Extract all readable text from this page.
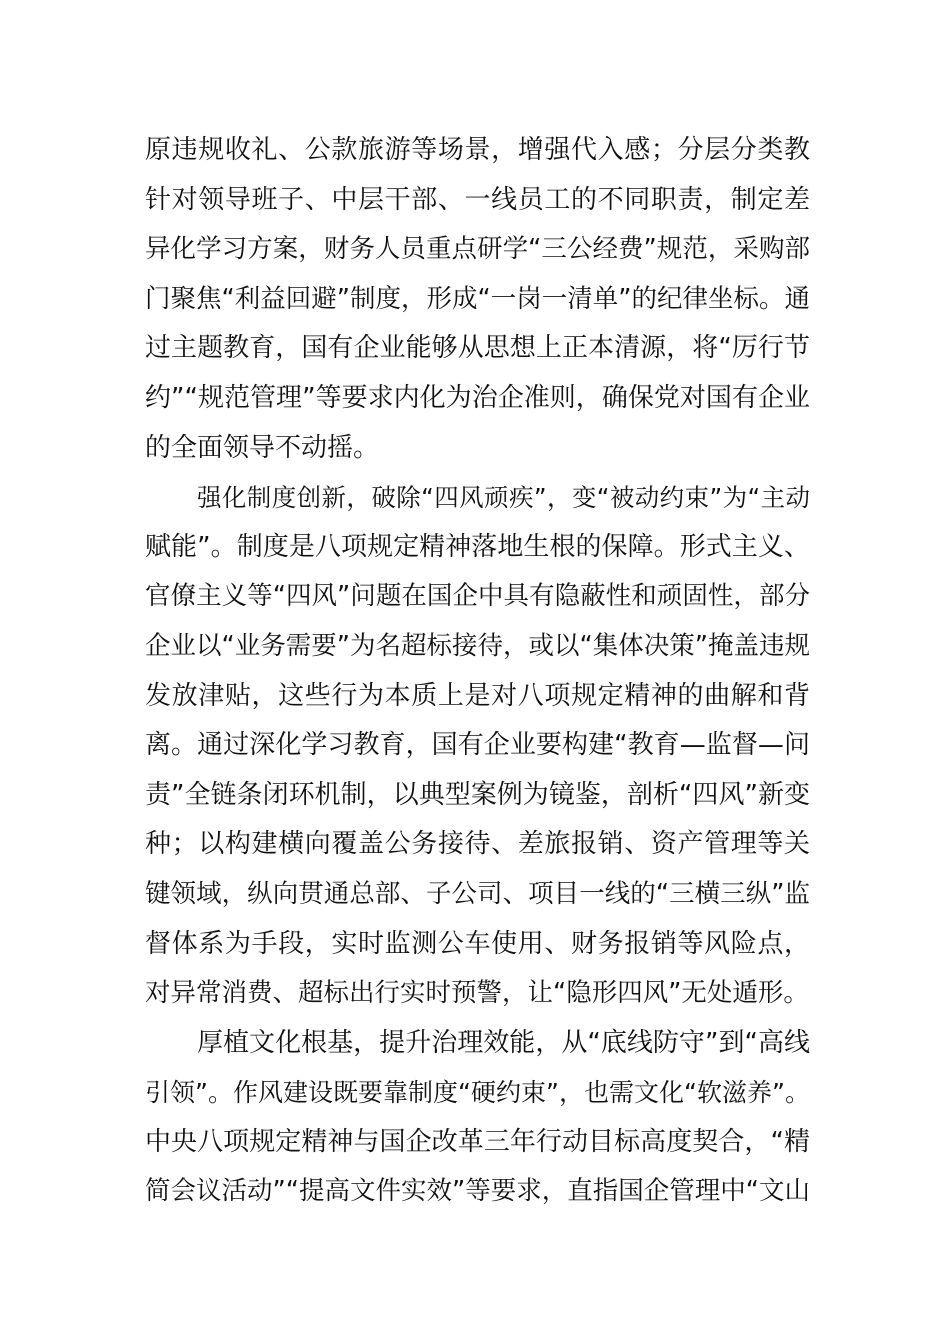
原违规收礼、公款旅游等场景，增强代入感；分层分类教
针对领导班子、中层干部、一线员工的不同职责，制定差
异化学习方案，财务人员重点研学“三公经费”规范，采购部
门聚焦“利益回避”制度，形成“一岗一清单”的纪律坐标。通
过主题教育，国有企业能够从思想上正本清源，将“厉行节
约”“规范管理”等要求内化为治企准则，确保党对国有企业
的全面领导不动摇。
强化制度创新，破除“四风顽疾”，变“被动约束”为“主动
赋能”。制度是八项规定精神落地生根的保障。形式主义、
官僚主义等“四风”问题在国企中具有隐蔽性和顽固性，部分
企业以“业务需要”为名超标接待，或以“集体决策”掩盖违规
发放津贴，这些行为本质上是对八项规定精神的曲解和背
离。通过深化学习教育，国有企业要构建“教育—监督—问
责”全链条闭环机制，以典型案例为镜鉴，剖析“四风”新变
种；以构建横向覆盖公务接待、差旅报销、资产管理等关
键领域，纵向贯通总部、子公司、项目一线的“三横三纵”监
督体系为手段，实时监测公车使用、财务报销等风险点，
对异常消费、超标出行实时预警，让“隐形四风”无处遁形。
厚植文化根基，提升治理效能，从“底线防守”到“高线
引领”。作风建设既要靠制度“硬约束”，也需文化“软滋养”。
中央八项规定精神与国企改革三年行动目标高度契合，“精
简会议活动”“提高文件实效”等要求，直指国企管理中“文山
